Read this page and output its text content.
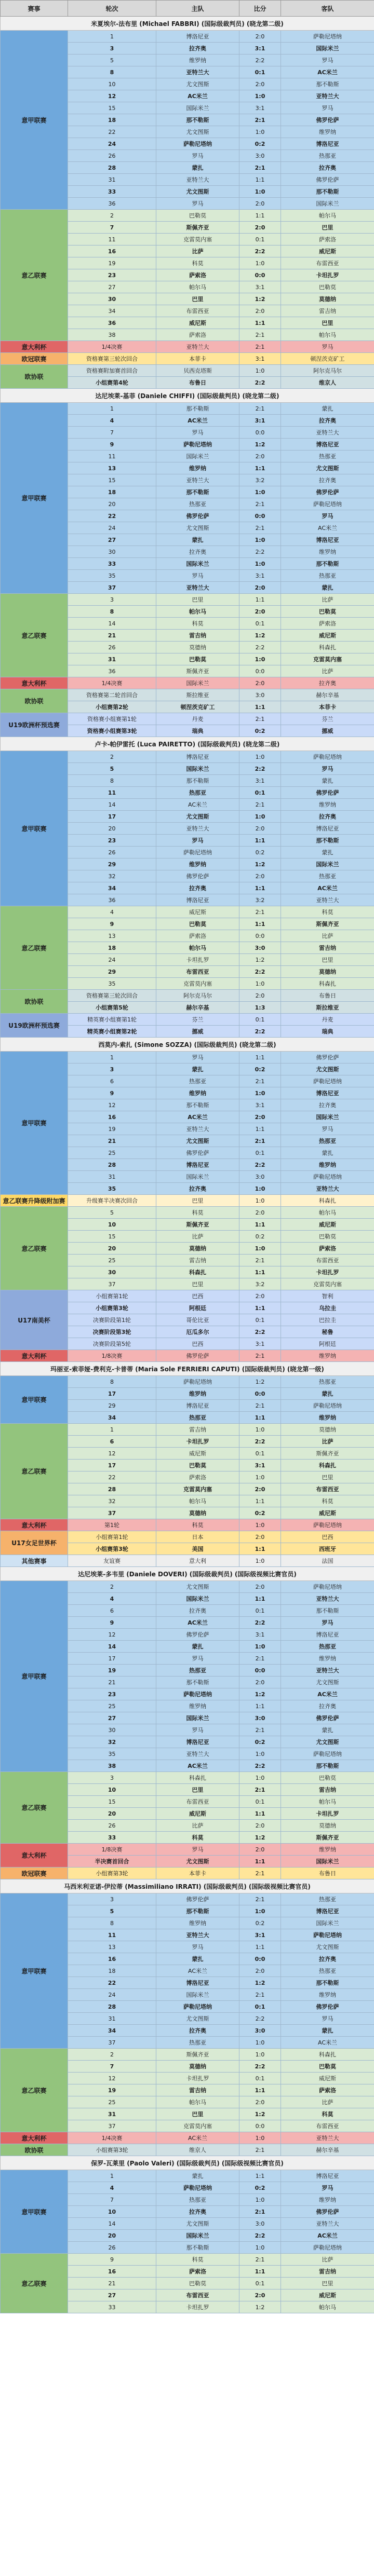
赛事	轮次	主队	比分	客队
米夏埃尔-法布里 (Michael FABBRI) (国际级裁判员) (晓龙第二级)				
意甲联赛	1	博洛尼亚	2:0	萨勒尼塔纳
	3	拉齐奥	3:1	国际米兰
	5	维罗纳	2:2	罗马
	8	亚特兰大	0:1	AC米兰
	10	尤文图斯	2:0	那不勒斯
	12	AC米兰	1:0	亚特兰大
	15	国际米兰	3:1	罗马
	18	那不勒斯	2:1	佛罗伦萨
	22	尤文图斯	1:0	维罗纳
	24	萨勒尼塔纳	0:2	博洛尼亚
	26	罗马	3:0	热那亚
	28	蒙扎	2:1	拉齐奥
	31	亚特兰大	1:1	佛罗伦萨
	33	尤文图斯	1:0	那不勒斯
	36	罗马	2:0	国际米兰
意乙联赛	2	巴勒莫	1:1	帕尔马
	7	斯佩齐亚	2:0	巴里
	11	克雷莫内塞	0:1	萨索洛
	16	比萨	2:2	威尼斯
	19	科莫	1:0	布雷西亚
	23	萨索洛	0:0	卡坦扎罗
	27	帕尔马	3:1	巴勒莫
	30	巴里	1:2	莫德纳
	34	布雷西亚	2:0	雷吉纳
	36	威尼斯	1:1	巴里
	38	萨索洛	2:1	帕尔马
意大利杯	1/4决赛	亚特兰大	2:1	罗马
欧冠联赛	资格赛第三轮次回合	本菲卡	3:1	顿涅茨克矿工
欧协联	资格赛附加赛首回合	贝西克塔斯	1:0	阿尔克马尔
	小组赛第4轮	布鲁日	2:2	维京人
达尼埃莱-基菲 (Daniele CHIFFI) (国际级裁判员) (晓龙第二级)				
意甲联赛	1	那不勒斯	2:1	蒙扎
	4	AC米兰	3:1	拉齐奥
	7	罗马	0:0	亚特兰大
	9	萨勒尼塔纳	1:2	博洛尼亚
	11	国际米兰	2:0	热那亚
	13	维罗纳	1:1	尤文图斯
	15	亚特兰大	3:2	拉齐奥
	18	那不勒斯	1:0	佛罗伦萨
	20	热那亚	2:1	萨勒尼塔纳
	22	佛罗伦萨	0:0	罗马
	24	尤文图斯	2:1	AC米兰
	27	蒙扎	1:0	博洛尼亚
	30	拉齐奥	2:2	维罗纳
	33	国际米兰	1:0	那不勒斯
	35	罗马	3:1	热那亚
	37	亚特兰大	2:0	蒙扎
意乙联赛	3	巴里	1:1	比萨
	8	帕尔马	2:0	巴勒莫
	14	科莫	0:1	萨索洛
	21	雷吉纳	1:2	威尼斯
	26	莫德纳	2:2	科森扎
	31	巴勒莫	1:0	克雷莫内塞
	36	斯佩齐亚	0:0	比萨
意大利杯	1/4决赛	国际米兰	2:0	拉齐奥
欧协联	资格赛第二轮首回合	斯拉维亚	3:0	赫尔辛基
	小组赛第2轮	顿涅茨克矿工	1:1	本菲卡
U19欧洲杯预选赛	资格赛小组赛第1轮	丹麦	2:1	芬兰
	资格赛小组赛第3轮	瑞典	0:2	挪威
卢卡-帕伊雷托 (Luca PAIRETTO) (国际级裁判员) (晓龙第二级)				
意甲联赛	2	博洛尼亚	1:0	萨勒尼塔纳
	5	国际米兰	2:2	罗马
	8	那不勒斯	3:1	蒙扎
	11	热那亚	0:1	佛罗伦萨
	14	AC米兰	2:1	维罗纳
	17	尤文图斯	1:0	拉齐奥
	20	亚特兰大	2:0	博洛尼亚
	23	罗马	1:1	那不勒斯
	26	萨勒尼塔纳	0:2	蒙扎
	29	维罗纳	1:2	国际米兰
	32	佛罗伦萨	2:0	热那亚
	34	拉齐奥	1:1	AC米兰
	36	博洛尼亚	3:2	亚特兰大
意乙联赛	4	威尼斯	2:1	科莫
	9	巴勒莫	1:1	斯佩齐亚
	13	萨索洛	0:0	比萨
	18	帕尔马	3:0	雷吉纳
	24	卡坦扎罗	1:2	巴里
	29	布雷西亚	2:2	莫德纳
	35	克雷莫内塞	1:0	科森扎
欧协联	资格赛第三轮次回合	阿尔克马尔	2:0	布鲁日
	小组赛第5轮	赫尔辛基	1:3	斯拉维亚
U19欧洲杯预选赛	精英赛小组赛第1轮	芬兰	0:1	丹麦
	精英赛小组赛第2轮	挪威	2:2	瑞典
西莫内-索扎 (Simone SOZZA) (国际级裁判员) (晓龙第二级)				
意甲联赛	1	罗马	1:1	佛罗伦萨
	3	蒙扎	0:2	尤文图斯
	6	热那亚	2:1	萨勒尼塔纳
	9	维罗纳	1:0	博洛尼亚
	12	那不勒斯	3:1	拉齐奥
	16	AC米兰	2:0	国际米兰
	19	亚特兰大	1:1	罗马
	21	尤文图斯	2:1	热那亚
	25	佛罗伦萨	0:1	蒙扎
	28	博洛尼亚	2:2	维罗纳
	31	国际米兰	3:0	萨勒尼塔纳
	35	拉齐奥	1:0	亚特兰大
意乙联赛升降级附加赛	升级赛半决赛次回合	巴里	1:0	科森扎
意乙联赛	5	科莫	2:0	帕尔马
	10	斯佩齐亚	1:1	威尼斯
	15	比萨	0:2	巴勒莫
	20	莫德纳	1:0	萨索洛
	25	雷吉纳	2:1	布雷西亚
	30	科森扎	1:1	卡坦扎罗
	37	巴里	3:2	克雷莫内塞
U17南美杯	小组赛第1轮	巴西	2:0	智利
	小组赛第3轮	阿根廷	1:1	乌拉圭
	决赛阶段第1轮	哥伦比亚	0:1	巴拉圭
	决赛阶段第3轮	厄瓜多尔	2:2	秘鲁
	决赛阶段第5轮	巴西	3:1	阿根廷
意大利杯	1/8决赛	佛罗伦萨	2:1	维罗纳
玛丽亚-索菲娅-费利克-卡普蒂 (Maria Sole FERRIERI CAPUTI) (国际级裁判员) (晓龙第一级)				
意甲联赛	8	萨勒尼塔纳	1:2	热那亚
	17	维罗纳	0:0	蒙扎
	29	博洛尼亚	2:1	萨勒尼塔纳
	34	热那亚	1:1	维罗纳
意乙联赛	1	雷吉纳	1:0	莫德纳
	6	卡坦扎罗	2:2	比萨
	12	威尼斯	0:1	斯佩齐亚
	17	巴勒莫	3:1	科森扎
	22	萨索洛	1:0	巴里
	28	克雷莫内塞	2:0	布雷西亚
	32	帕尔马	1:1	科莫
	37	莫德纳	0:2	威尼斯
意大利杯	第1轮	科莫	1:0	萨勒尼塔纳
U17女足世界杯	小组赛第1轮	日本	2:0	巴西
	小组赛第3轮	美国	1:1	西班牙
其他赛事	友谊赛	意大利	1:0	法国
达尼埃莱-多韦里 (Daniele DOVERI) (国际级裁判员) (国际级视频比赛官员)				
意甲联赛	2	尤文图斯	2:0	萨勒尼塔纳
	4	国际米兰	1:1	亚特兰大
	6	拉齐奥	0:1	那不勒斯
	9	AC米兰	2:2	罗马
	12	佛罗伦萨	3:1	博洛尼亚
	14	蒙扎	1:0	热那亚
	17	罗马	2:1	维罗纳
	19	热那亚	0:0	亚特兰大
	21	那不勒斯	2:0	尤文图斯
	23	萨勒尼塔纳	1:2	AC米兰
	25	维罗纳	1:1	拉齐奥
	27	国际米兰	3:0	佛罗伦萨
	30	罗马	2:1	蒙扎
	32	博洛尼亚	0:2	尤文图斯
	35	亚特兰大	1:0	萨勒尼塔纳
	38	AC米兰	2:2	那不勒斯
意乙联赛	3	科森扎	1:0	巴勒莫
	10	巴里	2:1	雷吉纳
	15	布雷西亚	0:1	帕尔马
	20	威尼斯	1:1	卡坦扎罗
	26	比萨	2:0	莫德纳
	33	科莫	1:2	斯佩齐亚
意大利杯	1/8决赛	罗马	2:0	维罗纳
	半决赛首回合	尤文图斯	1:1	国际米兰
欧冠联赛	小组赛第3轮	本菲卡	2:1	布鲁日
马西米利亚诺-伊拉蒂 (Massimiliano IRRATI) (国际级裁判员) (国际级视频比赛官员)				
意甲联赛	3	佛罗伦萨	2:1	热那亚
	5	那不勒斯	1:0	博洛尼亚
	8	维罗纳	0:2	国际米兰
	11	亚特兰大	3:1	萨勒尼塔纳
	13	罗马	1:1	尤文图斯
	16	蒙扎	0:0	拉齐奥
	18	AC米兰	2:0	热那亚
	22	博洛尼亚	1:2	那不勒斯
	24	国际米兰	2:1	维罗纳
	28	萨勒尼塔纳	0:1	佛罗伦萨
	31	尤文图斯	2:2	罗马
	34	拉齐奥	3:0	蒙扎
	37	热那亚	1:0	AC米兰
意乙联赛	2	斯佩齐亚	1:0	科森扎
	7	莫德纳	2:2	巴勒莫
	12	卡坦扎罗	0:1	威尼斯
	19	雷吉纳	1:1	萨索洛
	25	帕尔马	2:0	比萨
	31	巴里	1:2	科莫
	37	克雷莫内塞	0:0	布雷西亚
意大利杯	1/4决赛	AC米兰	1:0	亚特兰大
欧协联	小组赛第3轮	维京人	2:1	赫尔辛基
保罗-瓦莱里 (Paolo Valeri) (国际级裁判员) (国际级视频比赛官员)				
意甲联赛	1	蒙扎	1:1	博洛尼亚
	4	萨勒尼塔纳	0:2	罗马
	7	热那亚	1:0	维罗纳
	10	拉齐奥	2:1	佛罗伦萨
	14	尤文图斯	3:0	亚特兰大
	20	国际米兰	2:2	AC米兰
	26	那不勒斯	1:0	萨勒尼塔纳
意乙联赛	9	科莫	2:1	比萨
	16	萨索洛	1:1	雷吉纳
	21	巴勒莫	0:1	巴里
	27	布雷西亚	2:0	威尼斯
	33	卡坦扎罗	1:2	帕尔马
